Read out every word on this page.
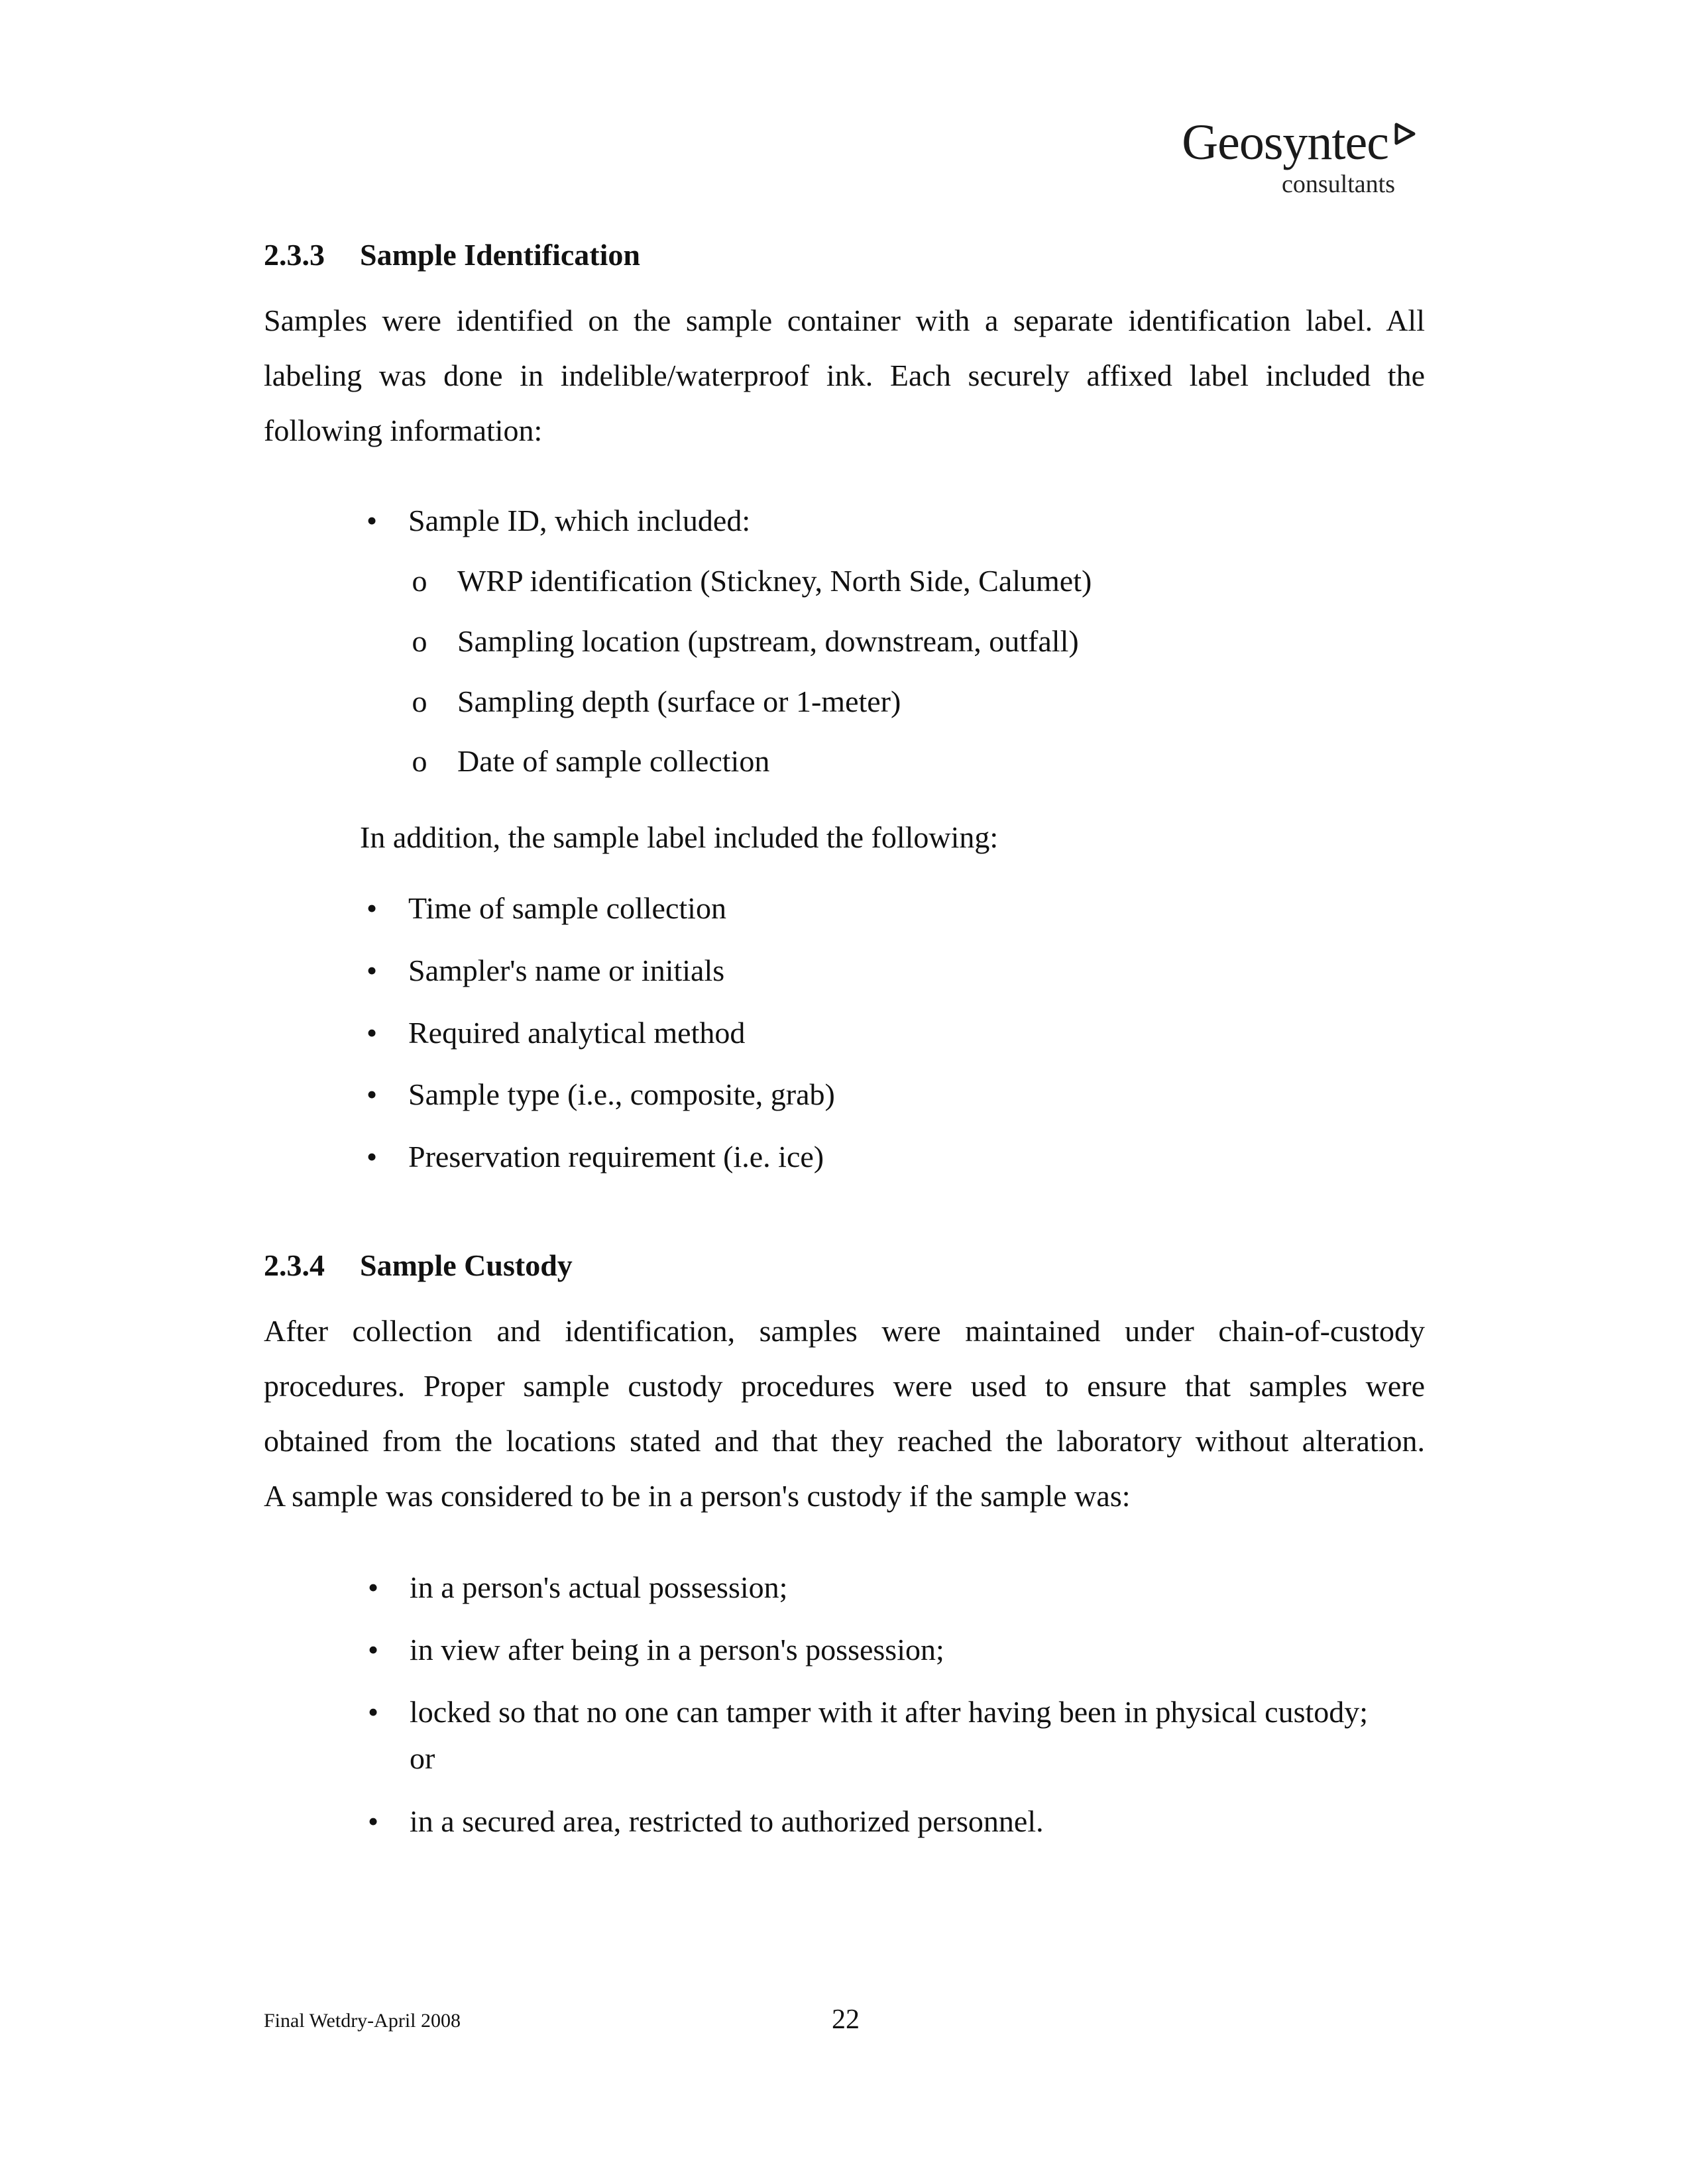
Geosyntec
consultants
2.3.3 Sample Identification
Samples were identified on the sample container with a separate identification label. All
labeling was done in indelible/waterproof ink. Each securely affixed label included the
following information:
• Sample ID, which included:
o WRP identification (Stickney, North Side, Calumet)
o Sampling location (upstream, downstream, outfall)
o Sampling depth (surface or 1-meter)
o Date of sample collection
In addition, the sample label included the following:
• Time of sample collection
• Sampler's name or initials
• Required analytical method
• Sample type (i.e., composite, grab)
• Preservation requirement (i.e. ice)
2.3.4 Sample Custody
After collection and identification, samples were maintained under chain-of-custody
procedures. Proper sample custody procedures were used to ensure that samples were
obtained from the locations stated and that they reached the laboratory without alteration.
A sample was considered to be in a person's custody if the sample was:
• in a person's actual possession;
• in view after being in a person's possession;
• locked so that no one can tamper with it after having been in physical custody;
or
• in a secured area, restricted to authorized personnel.
Final Wetdry-April 2008	22
